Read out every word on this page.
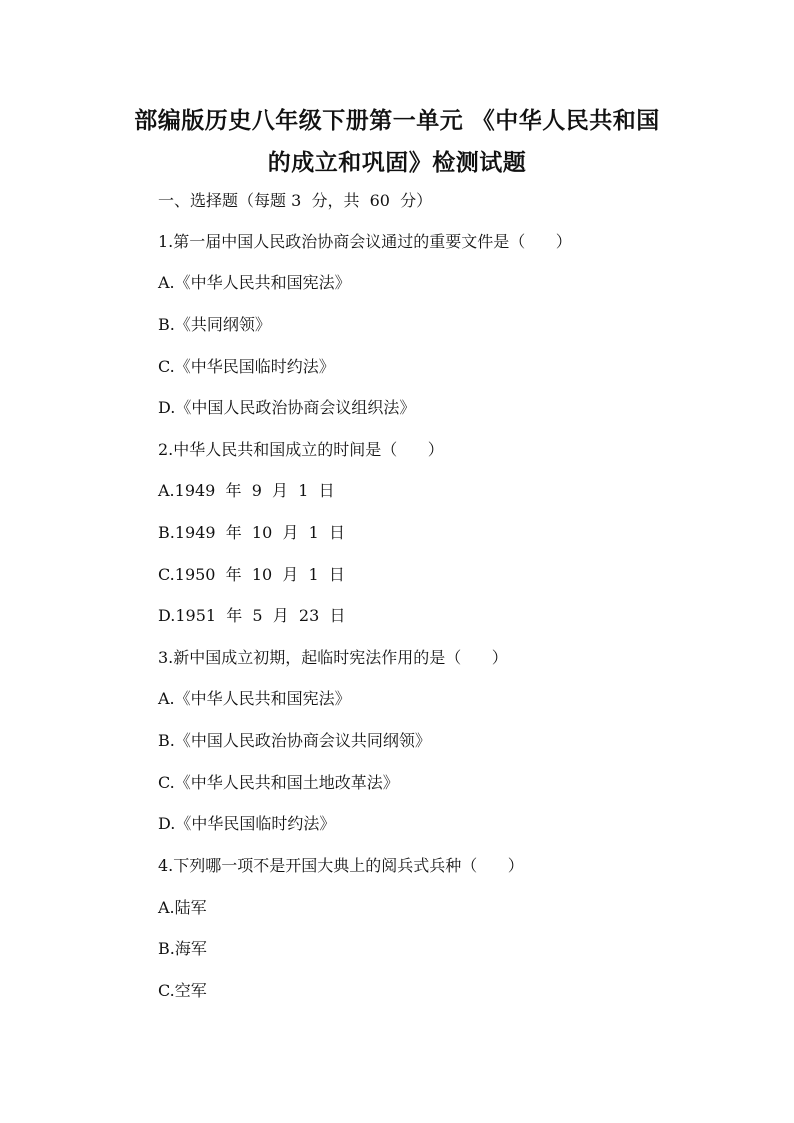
部编版历史八年级下册第一单元 《中华人民共和国
的成立和巩固》检测试题
一、选择题（每题 3  分，共  60  分）
1.第一届中国人民政治协商会议通过的重要文件是（      ）
A.《中华人民共和国宪法》
B.《共同纲领》
C.《中华民国临时约法》
D.《中国人民政治协商会议组织法》
2.中华人民共和国成立的时间是（      ）
A.1949  年  9  月  1  日
B.1949  年  10  月  1  日
C.1950  年  10  月  1  日
D.1951  年  5  月  23  日
3.新中国成立初期，起临时宪法作用的是（      ）
A.《中华人民共和国宪法》
B.《中国人民政治协商会议共同纲领》
C.《中华人民共和国土地改革法》
D.《中华民国临时约法》
4.下列哪一项不是开国大典上的阅兵式兵种（      ）
A.陆军
B.海军
C.空军
